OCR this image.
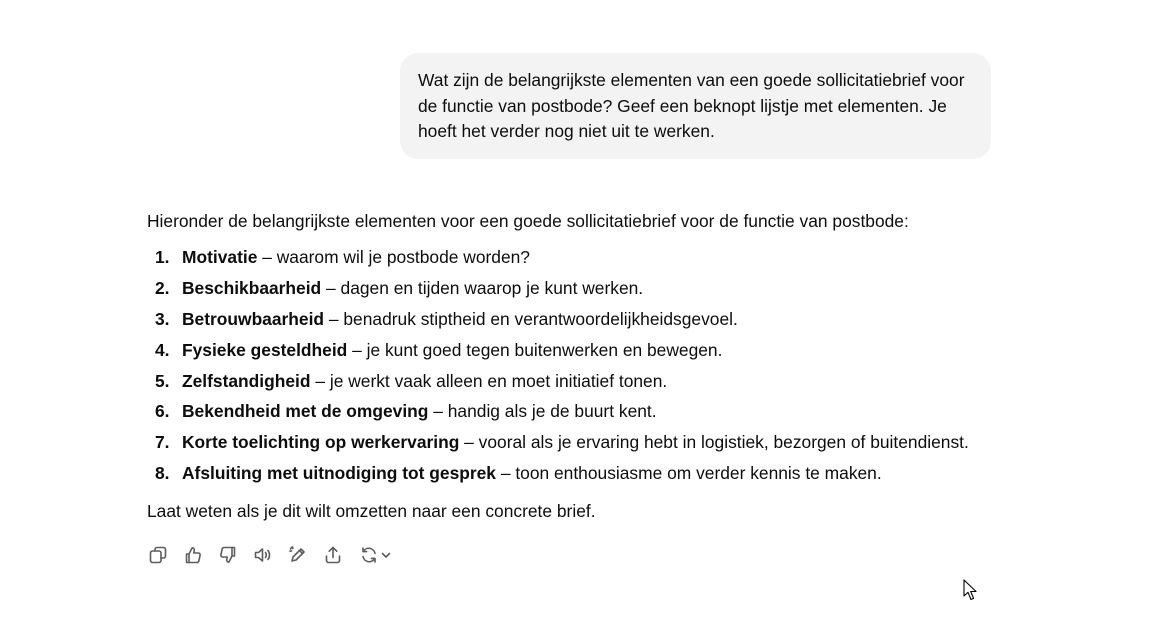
Wat zijn de belangrijkste elementen van een goede sollicitatiebrief voor de functie van postbode? Geef een beknopt lijstje met elementen. Je hoeft het verder nog niet uit te werken.

Hieronder de belangrijkste elementen voor een goede sollicitatiebrief voor de functie van postbode:

1. Motivatie – waarom wil je postbode worden?
2. Beschikbaarheid – dagen en tijden waarop je kunt werken.
3. Betrouwbaarheid – benadruk stiptheid en verantwoordelijkheidsgevoel.
4. Fysieke gesteldheid – je kunt goed tegen buitenwerken en bewegen.
5. Zelfstandigheid – je werkt vaak alleen en moet initiatief tonen.
6. Bekendheid met de omgeving – handig als je de buurt kent.
7. Korte toelichting op werkervaring – vooral als je ervaring hebt in logistiek, bezorgen of buitendienst.
8. Afsluiting met uitnodiging tot gesprek – toon enthousiasme om verder kennis te maken.

Laat weten als je dit wilt omzetten naar een concrete brief.
